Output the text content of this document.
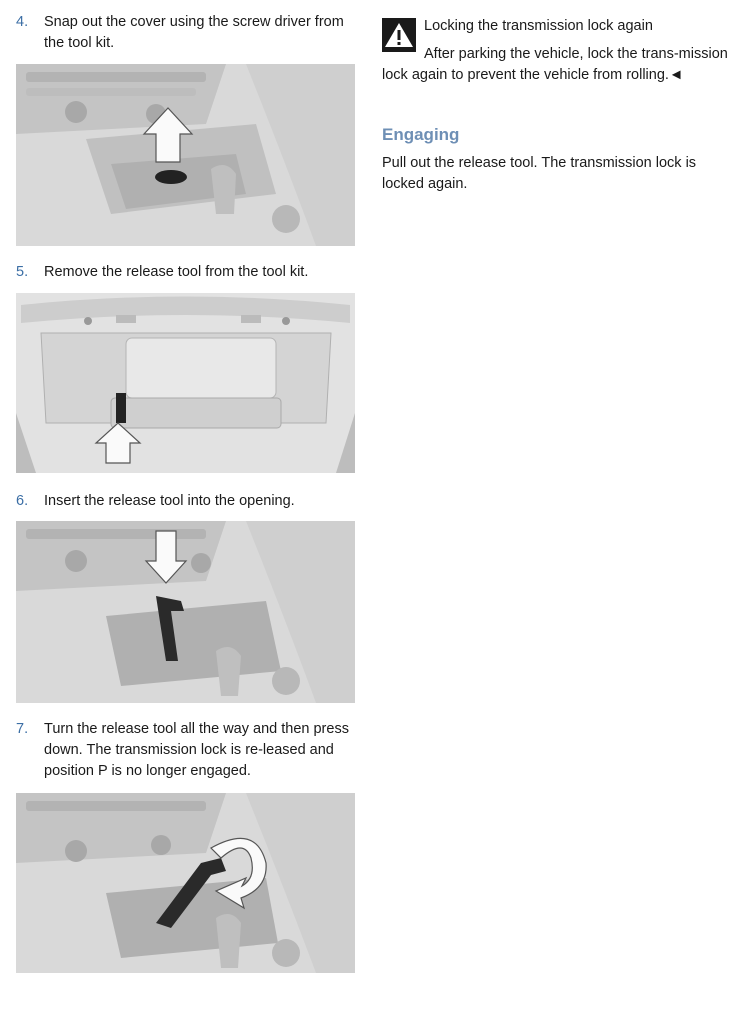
4.	Snap out the cover using the screw driver from the tool kit.
5.	Remove the release tool from the tool kit.
6.	Insert the release tool into the opening.
7.	Turn the release tool all the way and then press down. The transmission lock is re-leased and position P is no longer engaged.
Locking the transmission lock again
After parking the vehicle, lock the trans-mission lock again to prevent the vehicle from rolling.◄
Engaging
Pull out the release tool. The transmission lock is locked again.
